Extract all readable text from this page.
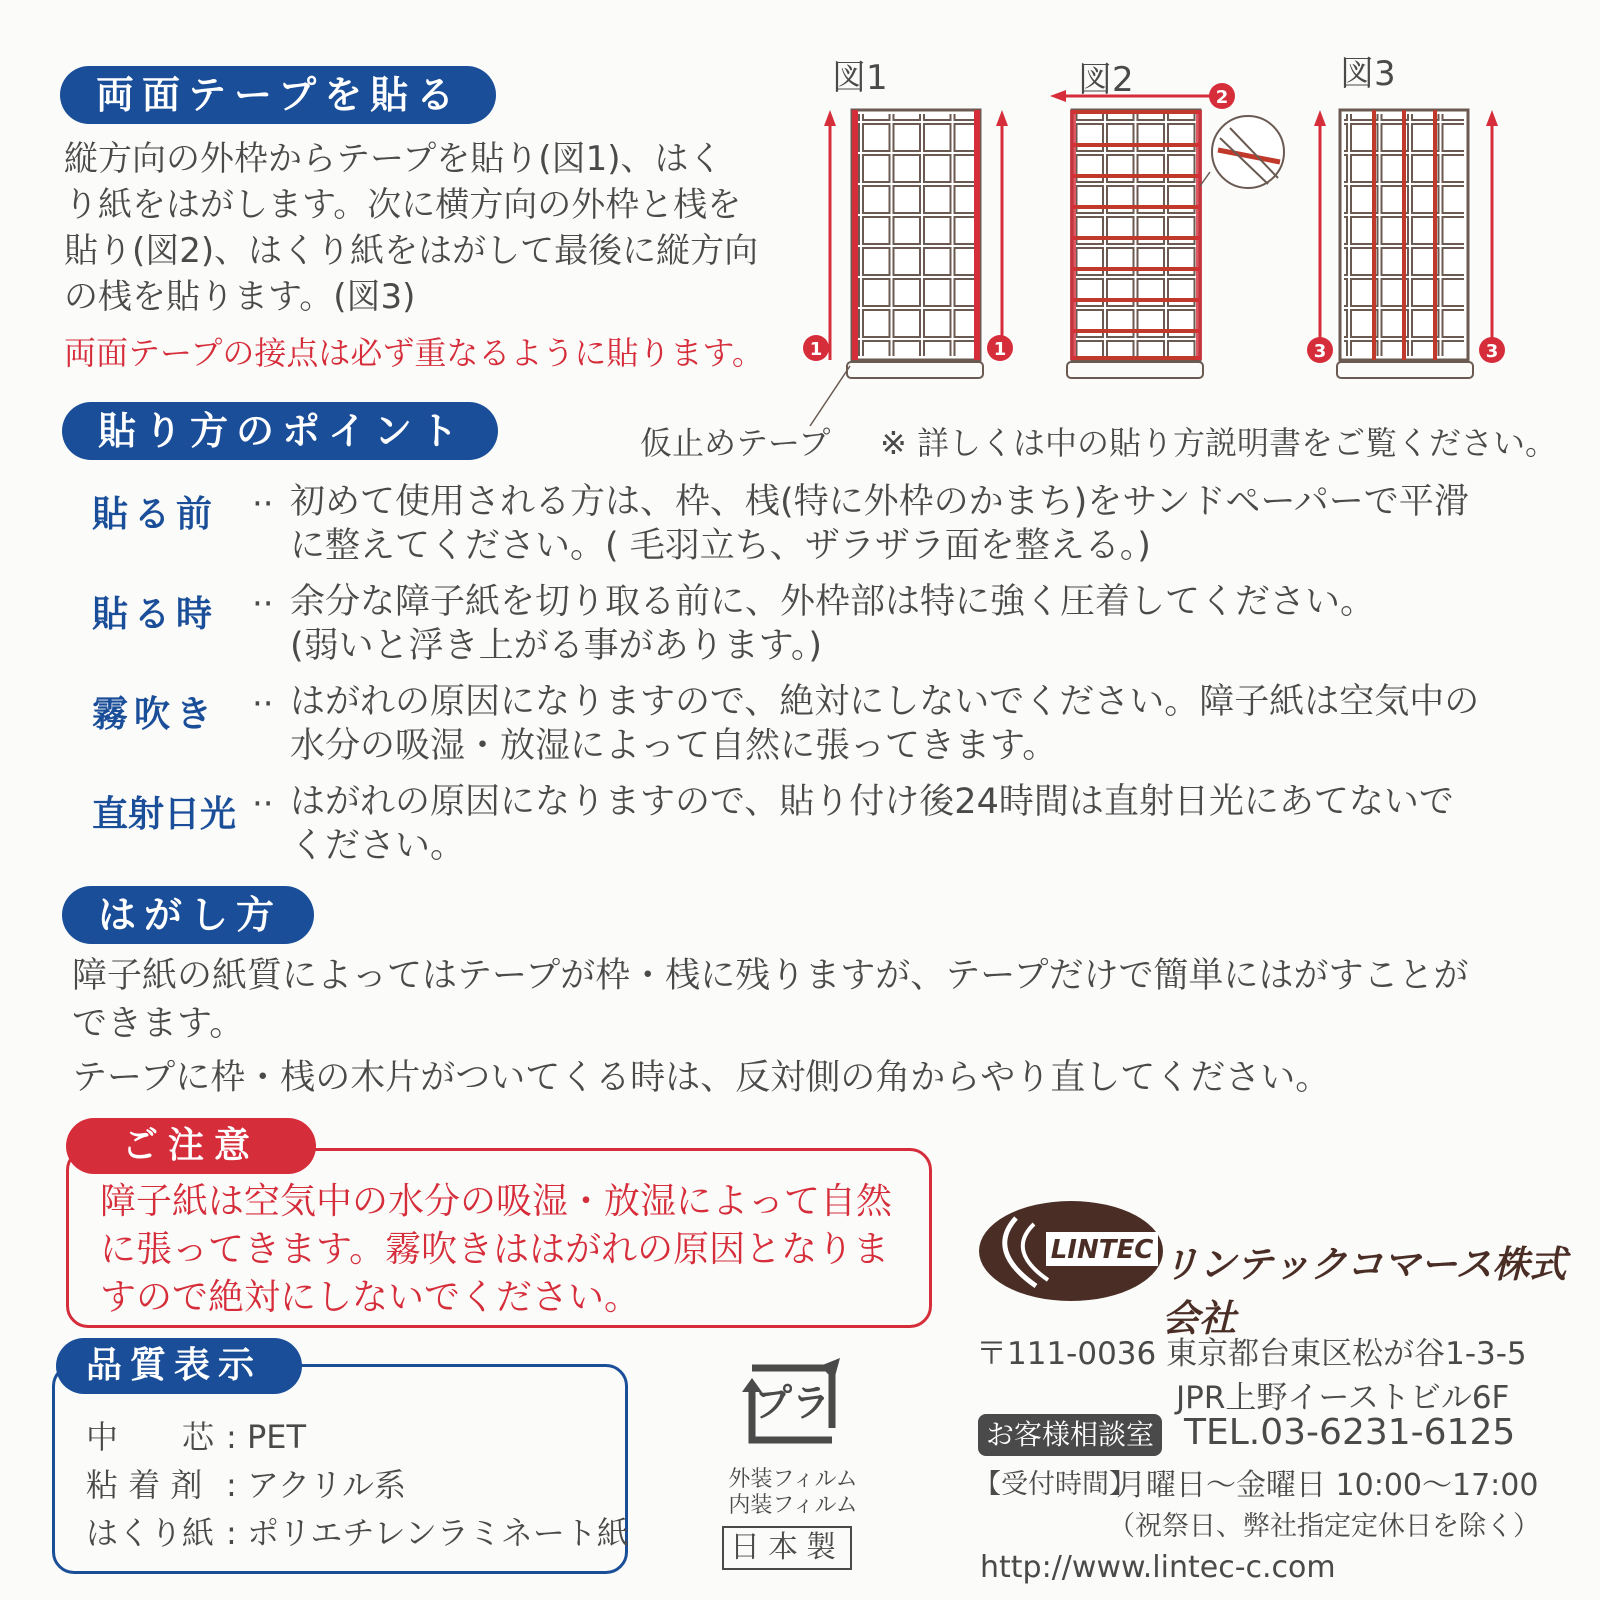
両面テープを貼る
縦方向の外枠からテープを貼り(図1)、はく
り紙をはがします。次に横方向の外枠と桟を
貼り(図2)、はくり紙をはがして最後に縦方向
の桟を貼ります。(図3)
両面テープの接点は必ず重なるように貼ります。
図1	図2	図3
1	1
2
3	3
仮止めテープ ※ 詳しくは中の貼り方説明書をご覧ください。
貼り方のポイント
貼る前 ·· 初めて使用される方は、枠、桟(特に外枠のかまち)をサンドペーパーで平滑
に整えてください。( 毛羽立ち、ザラザラ面を整える。)
貼る時 ·· 余分な障子紙を切り取る前に、外枠部は特に強く圧着してください。
(弱いと浮き上がる事があります。)
霧吹き ·· はがれの原因になりますので、絶対にしないでください。障子紙は空気中の
水分の吸湿・放湿によって自然に張ってきます。
直射日光 ·· はがれの原因になりますので、貼り付け後24時間は直射日光にあてないで
ください。
はがし方
障子紙の紙質によってはテープが枠・桟に残りますが、テープだけで簡単にはがすことが
できます。
テープに枠・桟の木片がついてくる時は、反対側の角からやり直してください。
ご注意
障子紙は空気中の水分の吸湿・放湿によって自然
に張ってきます。霧吹きははがれの原因となりま
すので絶対にしないでください。
品質表示
中　　芯 : PET
粘 着 剤 : アクリル系
はくり紙 : ポリエチレンラミネート紙
プラ
外装フィルム
内装フィルム
日本製
LINTEC リンテックコマース株式会社
〒111-0036 東京都台東区松が谷1-3-5
JPR上野イーストビル6F
お客様相談室 TEL.03-6231-6125
【受付時間】
月曜日～金曜日 10:00～17:00
（祝祭日、弊社指定定休日を除く）
http://www.lintec-c.com
